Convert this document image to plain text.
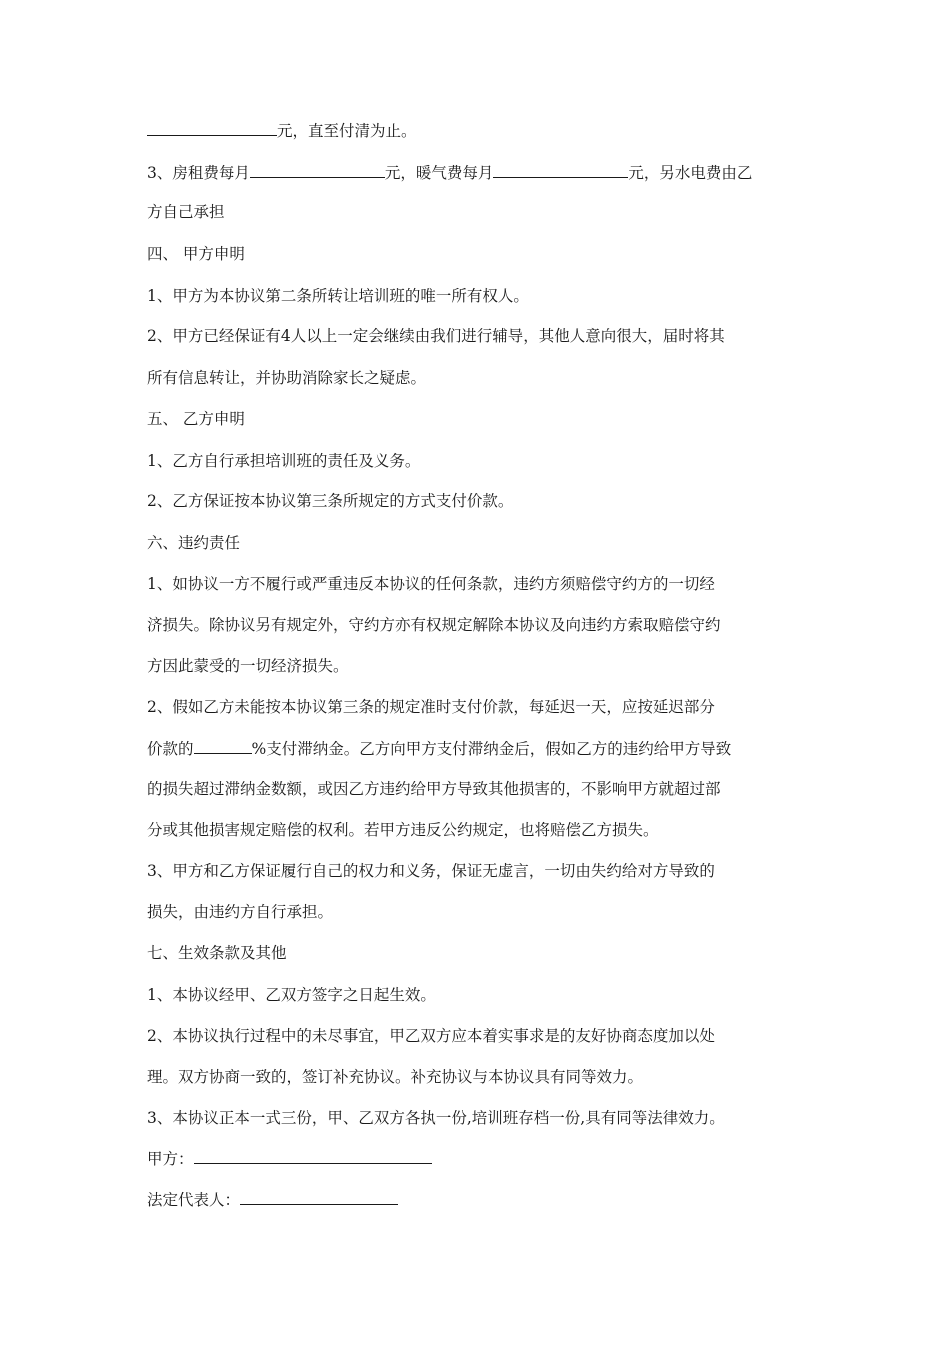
元，直至付清为止。
3、房租费每月	元，暖气费每月	元，另水电费由乙
方自己承担
四、 甲方申明
1、甲方为本协议第二条所转让培训班的唯一所有权人。
2、甲方已经保证有4人以上一定会继续由我们进行辅导，其他人意向很大，届时将其
所有信息转让，并协助消除家长之疑虑。
五、 乙方申明
1、乙方自行承担培训班的责任及义务。
2、乙方保证按本协议第三条所规定的方式支付价款。
六、违约责任
1、如协议一方不履行或严重违反本协议的任何条款，违约方须赔偿守约方的一切经
济损失。除协议另有规定外，守约方亦有权规定解除本协议及向违约方索取赔偿守约
方因此蒙受的一切经济损失。
2、假如乙方未能按本协议第三条的规定准时支付价款，每延迟一天，应按延迟部分
价款的	%支付滞纳金。乙方向甲方支付滞纳金后，假如乙方的违约给甲方导致
的损失超过滞纳金数额，或因乙方违约给甲方导致其他损害的，不影响甲方就超过部
分或其他损害规定赔偿的权利。若甲方违反公约规定，也将赔偿乙方损失。
3、甲方和乙方保证履行自己的权力和义务，保证无虚言，一切由失约给对方导致的
损失，由违约方自行承担。
七、生效条款及其他
1、本协议经甲、乙双方签字之日起生效。
2、本协议执行过程中的未尽事宜，甲乙双方应本着实事求是的友好协商态度加以处
理。双方协商一致的，签订补充协议。补充协议与本协议具有同等效力。
3、本协议正本一式三份，甲、乙双方各执一份,培训班存档一份,具有同等法律效力。
甲方：
法定代表人：
